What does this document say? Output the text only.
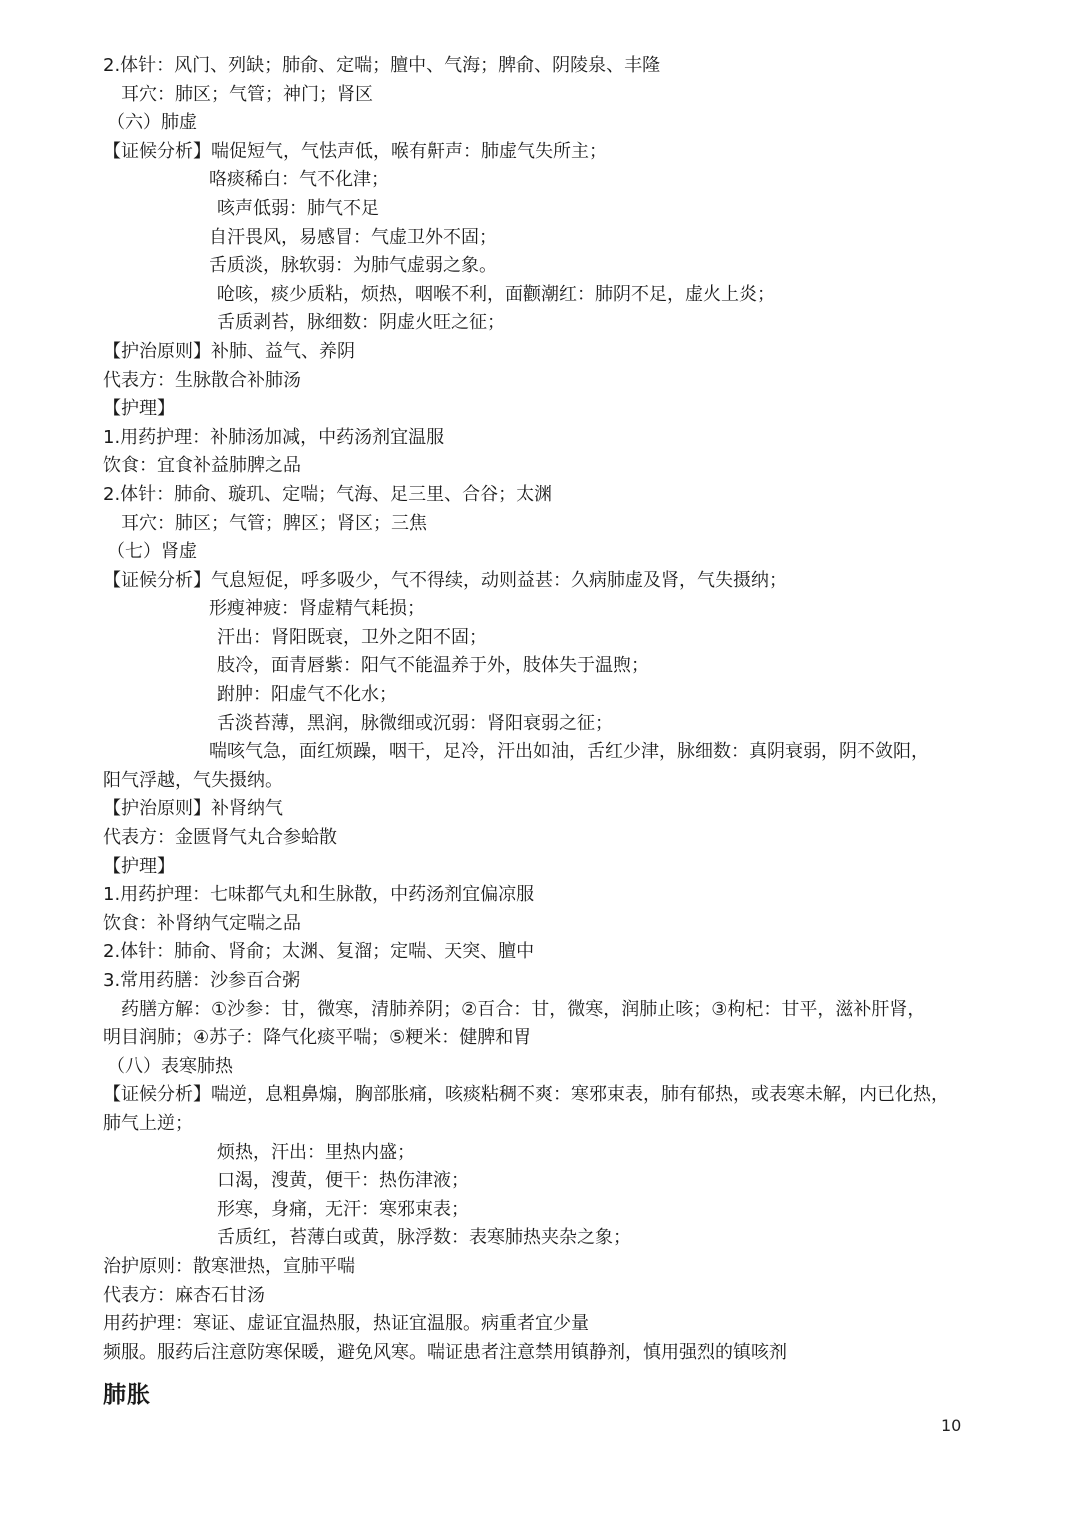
2.体针：风门、列缺；肺俞、定喘；膻中、气海；脾俞、阴陵泉、丰隆
耳穴：肺区；气管；神门；肾区
（六）肺虚
【证候分析】喘促短气，气怯声低，喉有鼾声：肺虚气失所主；
咯痰稀白：气不化津；
咳声低弱：肺气不足
自汗畏风，易感冒：气虚卫外不固；
舌质淡，脉软弱：为肺气虚弱之象。
呛咳，痰少质粘，烦热，咽喉不利，面颧潮红：肺阴不足，虚火上炎；
舌质剥苔，脉细数：阴虚火旺之征；
【护治原则】补肺、益气、养阴
代表方：生脉散合补肺汤
【护理】
1.用药护理：补肺汤加减，中药汤剂宜温服
饮食：宜食补益肺脾之品
2.体针：肺俞、璇玑、定喘；气海、足三里、合谷；太渊
耳穴：肺区；气管；脾区；肾区；三焦
（七）肾虚
【证候分析】气息短促，呼多吸少，气不得续，动则益甚：久病肺虚及肾，气失摄纳；
形瘦神疲：肾虚精气耗损；
汗出：肾阳既衰，卫外之阳不固；
肢冷，面青唇紫：阳气不能温养于外，肢体失于温煦；
跗肿：阳虚气不化水；
舌淡苔薄，黑润，脉微细或沉弱：肾阳衰弱之征；
喘咳气急，面红烦躁，咽干，足冷，汗出如油，舌红少津，脉细数：真阴衰弱，阴不敛阳，
阳气浮越，气失摄纳。
【护治原则】补肾纳气
代表方：金匮肾气丸合参蛤散
【护理】
1.用药护理：七味都气丸和生脉散，中药汤剂宜偏凉服
饮食：补肾纳气定喘之品
2.体针：肺俞、肾俞；太渊、复溜；定喘、天突、膻中
3.常用药膳：沙参百合粥
药膳方解：①沙参：甘，微寒，清肺养阴；②百合：甘，微寒，润肺止咳；③枸杞：甘平，滋补肝肾，
明目润肺；④苏子：降气化痰平喘；⑤粳米：健脾和胃
（八）表寒肺热
【证候分析】喘逆，息粗鼻煽，胸部胀痛，咳痰粘稠不爽：寒邪束表，肺有郁热，或表寒未解，内已化热，
肺气上逆；
烦热，汗出：里热内盛；
口渴，溲黄，便干：热伤津液；
形寒，身痛，无汗：寒邪束表；
舌质红，苔薄白或黄，脉浮数：表寒肺热夹杂之象；
治护原则：散寒泄热，宣肺平喘
代表方：麻杏石甘汤
用药护理：寒证、虚证宜温热服，热证宜温服。病重者宜少量
频服。服药后注意防寒保暖，避免风寒。喘证患者注意禁用镇静剂，慎用强烈的镇咳剂
肺胀
10
